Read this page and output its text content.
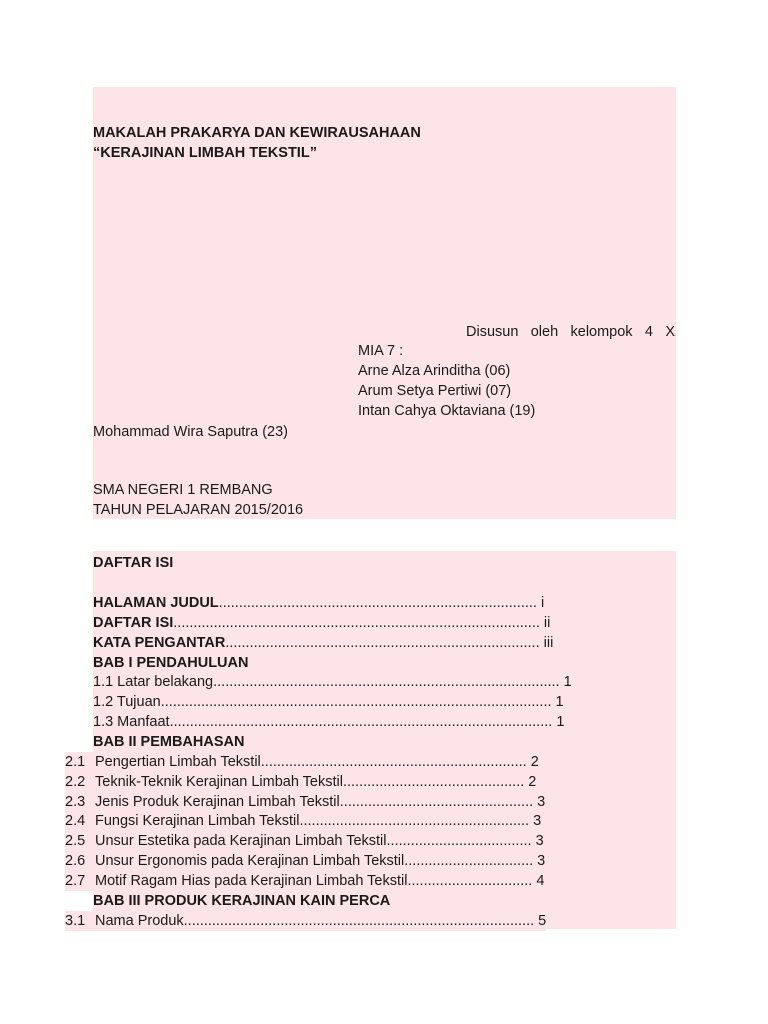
MAKALAH PRAKARYA DAN KEWIRAUSAHAAN
“KERAJINAN LIMBAH TEKSTIL”
Disusun oleh kelompok 4 X
MIA 7 :
Arne Alza Arinditha (06)
Arum Setya Pertiwi (07)
Intan Cahya Oktaviana (19)
Mohammad Wira Saputra (23)
SMA NEGERI 1 REMBANG
TAHUN PELAJARAN 2015/2016
DAFTAR ISI
HALAMAN JUDUL............................................................................... i
DAFTAR ISI........................................................................................... ii
KATA PENGANTAR.............................................................................. iii
BAB I PENDAHULUAN
1.1 Latar belakang...................................................................................... 1
1.2 Tujuan................................................................................................. 1
1.3 Manfaat............................................................................................... 1
BAB II PEMBAHASAN
2.1 Pengertian Limbah Tekstil.................................................................. 2
2.2 Teknik-Teknik Kerajinan Limbah Tekstil............................................. 2
2.3 Jenis Produk Kerajinan Limbah Tekstil................................................ 3
2.4 Fungsi Kerajinan Limbah Tekstil......................................................... 3
2.5 Unsur Estetika pada Kerajinan Limbah Tekstil.................................... 3
2.6 Unsur Ergonomis pada Kerajinan Limbah Tekstil................................ 3
2.7 Motif Ragam Hias pada Kerajinan Limbah Tekstil............................... 4
BAB III PRODUK KERAJINAN KAIN PERCA
3.1 Nama Produk....................................................................................... 5
